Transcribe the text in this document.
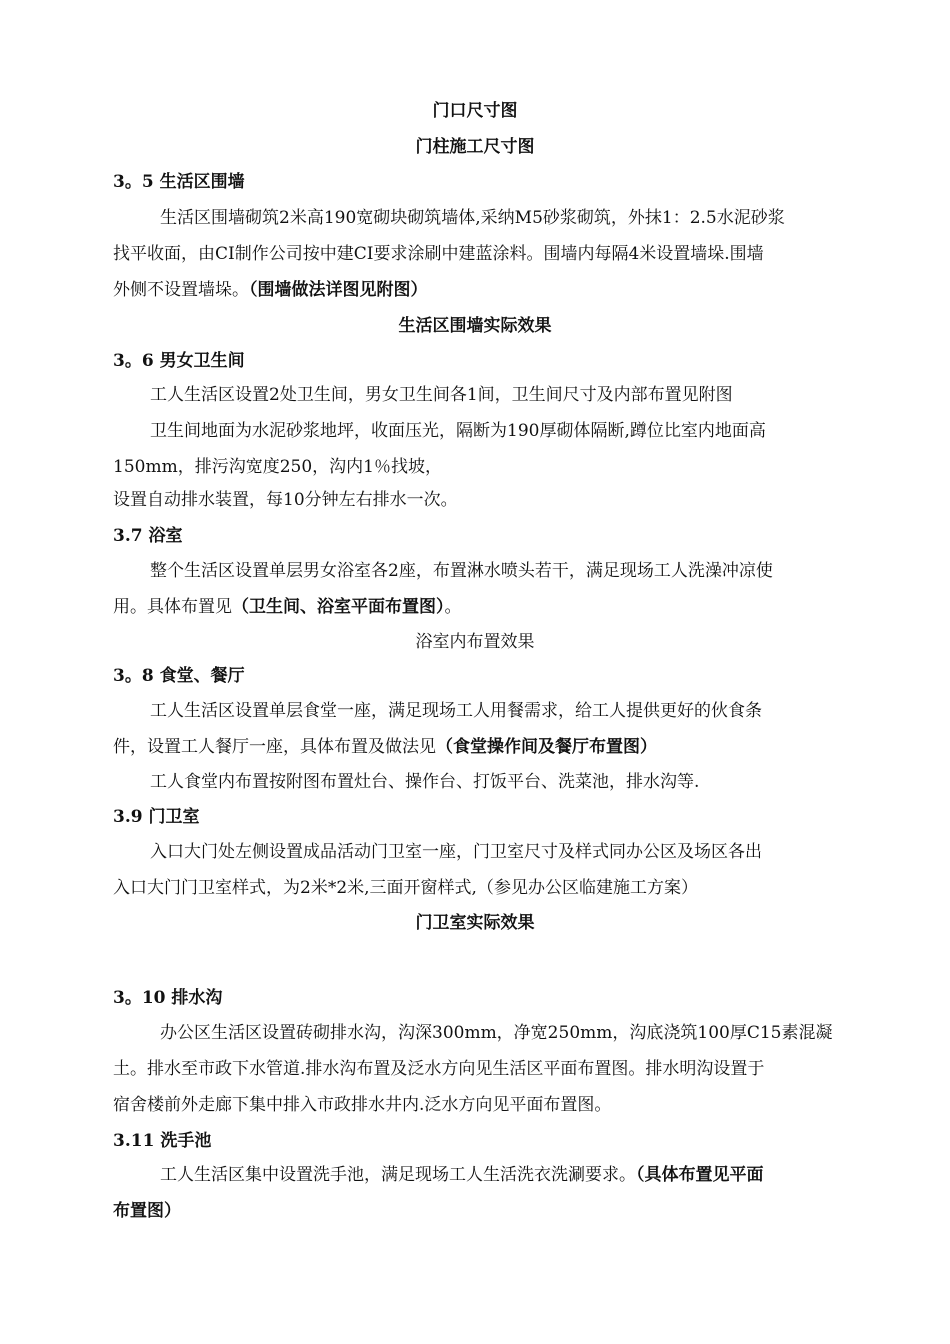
门口尺寸图
门柱施工尺寸图
3。5 生活区围墙
生活区围墙砌筑2米高190宽砌块砌筑墙体,采纳M5砂浆砌筑，外抹1：2.5水泥砂浆
找平收面，由CI制作公司按中建CI要求涂刷中建蓝涂料。围墙内每隔4米设置墙垛.围墙
外侧不设置墙垛。（围墙做法详图见附图）
生活区围墙实际效果
3。6 男女卫生间
工人生活区设置2处卫生间，男女卫生间各1间，卫生间尺寸及内部布置见附图
卫生间地面为水泥砂浆地坪，收面压光，隔断为190厚砌体隔断,蹲位比室内地面高
150mm，排污沟宽度250，沟内1％找坡，
设置自动排水装置，每10分钟左右排水一次。
3.7 浴室
整个生活区设置单层男女浴室各2座，布置淋水喷头若干，满足现场工人洗澡冲凉使
用。具体布置见（卫生间、浴室平面布置图）。
浴室内布置效果
3。8 食堂、餐厅
工人生活区设置单层食堂一座，满足现场工人用餐需求，给工人提供更好的伙食条
件，设置工人餐厅一座，具体布置及做法见（食堂操作间及餐厅布置图）
工人食堂内布置按附图布置灶台、操作台、打饭平台、洗菜池，排水沟等.
3.9 门卫室
入口大门处左侧设置成品活动门卫室一座，门卫室尺寸及样式同办公区及场区各出
入口大门门卫室样式，为2米*2米,三面开窗样式,（参见办公区临建施工方案）
门卫室实际效果
3。10 排水沟
办公区生活区设置砖砌排水沟，沟深300mm，净宽250mm，沟底浇筑100厚C15素混凝
土。排水至市政下水管道.排水沟布置及泛水方向见生活区平面布置图。排水明沟设置于
宿舍楼前外走廊下集中排入市政排水井内.泛水方向见平面布置图。
3.11 洗手池
工人生活区集中设置洗手池，满足现场工人生活洗衣洗涮要求。（具体布置见平面
布置图）
